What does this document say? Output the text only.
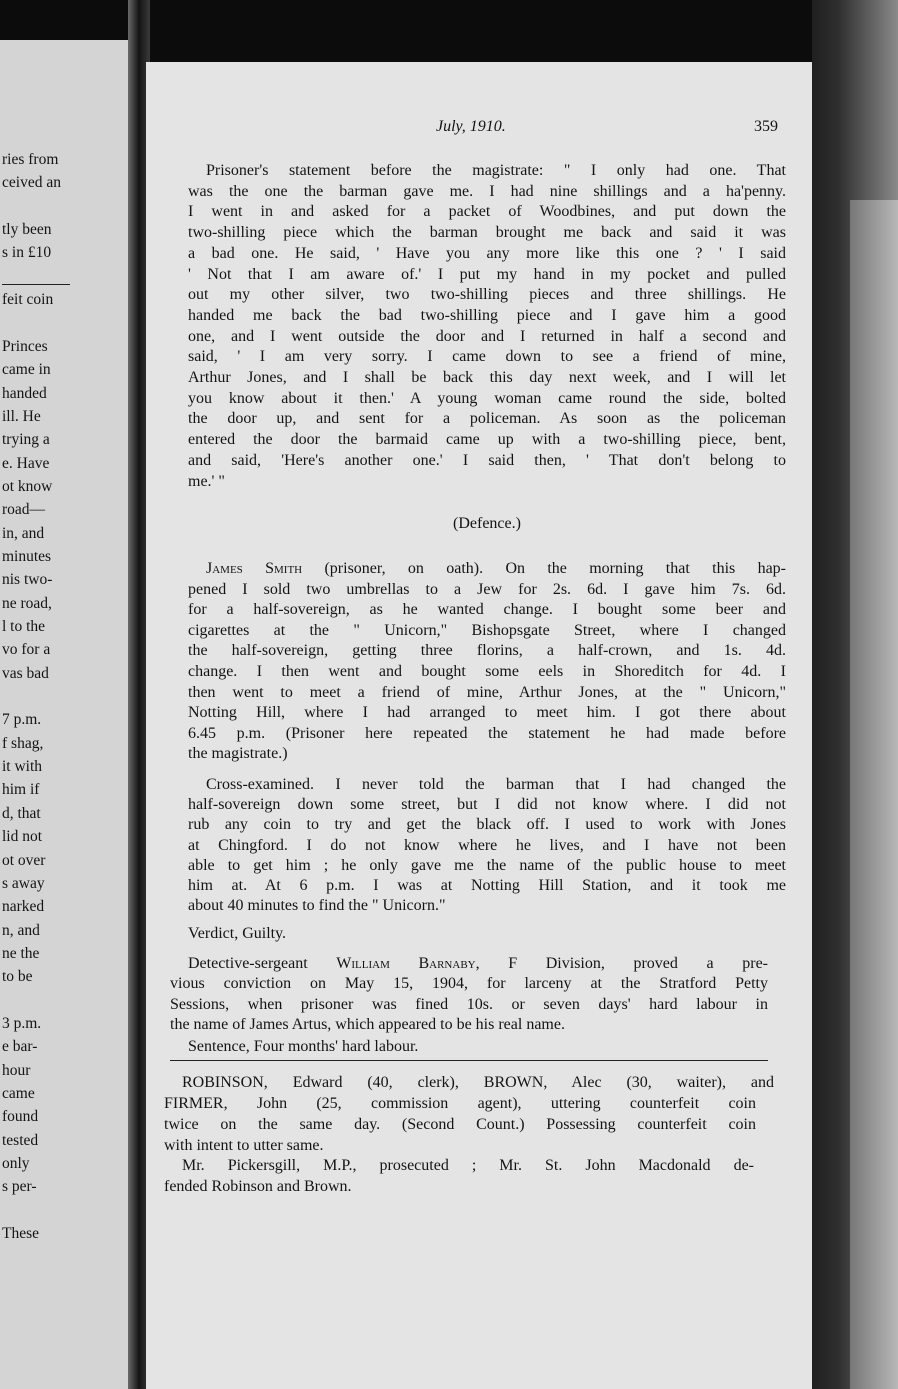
ries from
ceived an
tly been
s in £10
feit coin
Princes
came in
handed
ill. He
trying a
e. Have
ot know
road—
in, and
minutes
nis two-
ne road,
l to the
vo for a
vas bad
7 p.m.
f shag,
it with
him if
d, that
lid not
ot over
s away
narked
n, and
ne the
to be
3 p.m.
e bar-
hour
came
found
tested
only
s per-
These
July, 1910.	359
Prisoner's statement before the magistrate: " I only had one. That
was the one the barman gave me. I had nine shillings and a ha'penny.
I went in and asked for a packet of Woodbines, and put down the
two-shilling piece which the barman brought me back and said it was
a bad one. He said, ' Have you any more like this one ? ' I said
' Not that I am aware of.' I put my hand in my pocket and pulled
out my other silver, two two-shilling pieces and three shillings. He
handed me back the bad two-shilling piece and I gave him a good
one, and I went outside the door and I returned in half a second and
said, ' I am very sorry. I came down to see a friend of mine,
Arthur Jones, and I shall be back this day next week, and I will let
you know about it then.' A young woman came round the side, bolted
the door up, and sent for a policeman. As soon as the policeman
entered the door the barmaid came up with a two-shilling piece, bent,
and said, 'Here's another one.' I said then, ' That don't belong to
me.' "
(Defence.)
James Smith (prisoner, on oath). On the morning that this hap-
pened I sold two umbrellas to a Jew for 2s. 6d. I gave him 7s. 6d.
for a half-sovereign, as he wanted change. I bought some beer and
cigarettes at the " Unicorn," Bishopsgate Street, where I changed
the half-sovereign, getting three florins, a half-crown, and 1s. 4d.
change. I then went and bought some eels in Shoreditch for 4d. I
then went to meet a friend of mine, Arthur Jones, at the " Unicorn,"
Notting Hill, where I had arranged to meet him. I got there about
6.45 p.m. (Prisoner here repeated the statement he had made before
the magistrate.)
Cross-examined. I never told the barman that I had changed the
half-sovereign down some street, but I did not know where. I did not
rub any coin to try and get the black off. I used to work with Jones
at Chingford. I do not know where he lives, and I have not been
able to get him ; he only gave me the name of the public house to meet
him at. At 6 p.m. I was at Notting Hill Station, and it took me
about 40 minutes to find the " Unicorn."
Verdict, Guilty.
Detective-sergeant William Barnaby, F Division, proved a pre-
vious conviction on May 15, 1904, for larceny at the Stratford Petty
Sessions, when prisoner was fined 10s. or seven days' hard labour in
the name of James Artus, which appeared to be his real name.
Sentence, Four months' hard labour.
ROBINSON, Edward (40, clerk), BROWN, Alec (30, waiter), and
FIRMER, John (25, commission agent), uttering counterfeit coin
twice on the same day. (Second Count.) Possessing counterfeit coin
with intent to utter same.
Mr. Pickersgill, M.P., prosecuted ; Mr. St. John Macdonald de-
fended Robinson and Brown.
